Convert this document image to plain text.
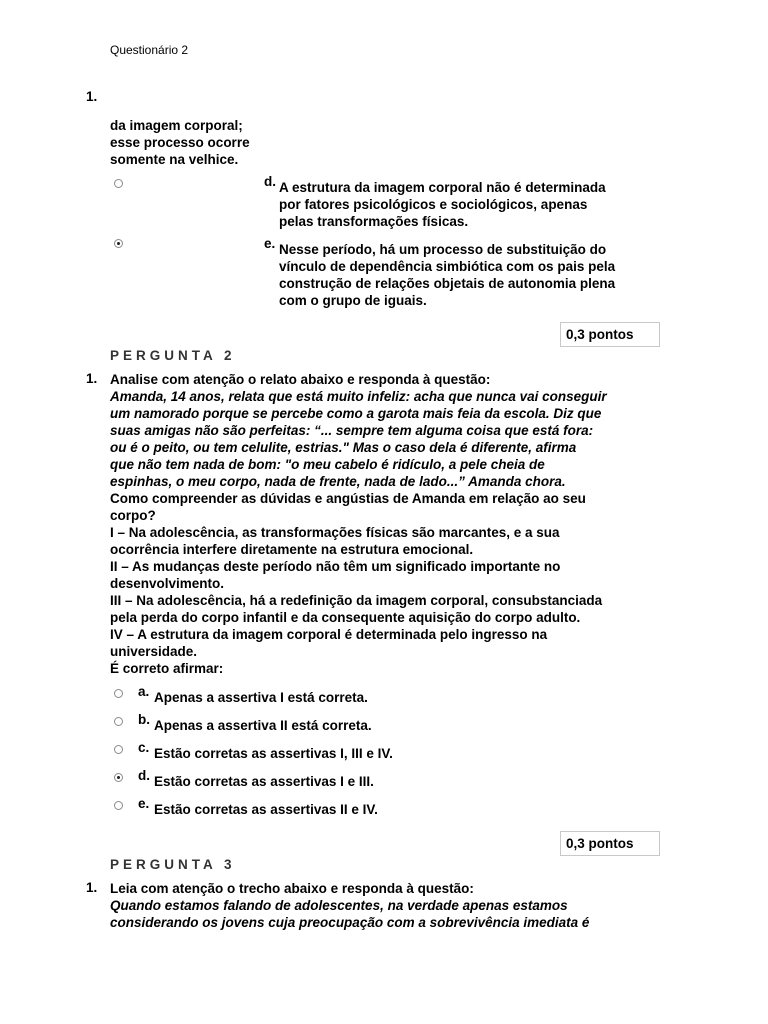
Questionário 2
1.
da imagem corporal;
esse processo ocorre
somente na velhice.
d. A estrutura da imagem corporal não é determinada
por fatores psicológicos e sociológicos, apenas
pelas transformações físicas.
e. Nesse período, há um processo de substituição do
vínculo de dependência simbiótica com os pais pela
construção de relações objetais de autonomia plena
com o grupo de iguais.
0,3 pontos
PERGUNTA 2
1. Analise com atenção o relato abaixo e responda à questão:
Amanda, 14 anos, relata que está muito infeliz: acha que nunca vai conseguir
um namorado porque se percebe como a garota mais feia da escola. Diz que
suas amigas não são perfeitas: “... sempre tem alguma coisa que está fora:
ou é o peito, ou tem celulite, estrias." Mas o caso dela é diferente, afirma
que não tem nada de bom: "o meu cabelo é ridículo, a pele cheia de
espinhas, o meu corpo, nada de frente, nada de lado...” Amanda chora.
Como compreender as dúvidas e angústias de Amanda em relação ao seu
corpo?
I – Na adolescência, as transformações físicas são marcantes, e a sua
ocorrência interfere diretamente na estrutura emocional.
II – As mudanças deste período não têm um significado importante no
desenvolvimento.
III – Na adolescência, há a redefinição da imagem corporal, consubstanciada
pela perda do corpo infantil e da consequente aquisição do corpo adulto.
IV – A estrutura da imagem corporal é determinada pelo ingresso na
universidade.
É correto afirmar:
a. Apenas a assertiva I está correta.
b. Apenas a assertiva II está correta.
c. Estão corretas as assertivas I, III e IV.
d. Estão corretas as assertivas I e III.
e. Estão corretas as assertivas II e IV.
0,3 pontos
PERGUNTA 3
1. Leia com atenção o trecho abaixo e responda à questão:
Quando estamos falando de adolescentes, na verdade apenas estamos
considerando os jovens cuja preocupação com a sobrevivência imediata é
